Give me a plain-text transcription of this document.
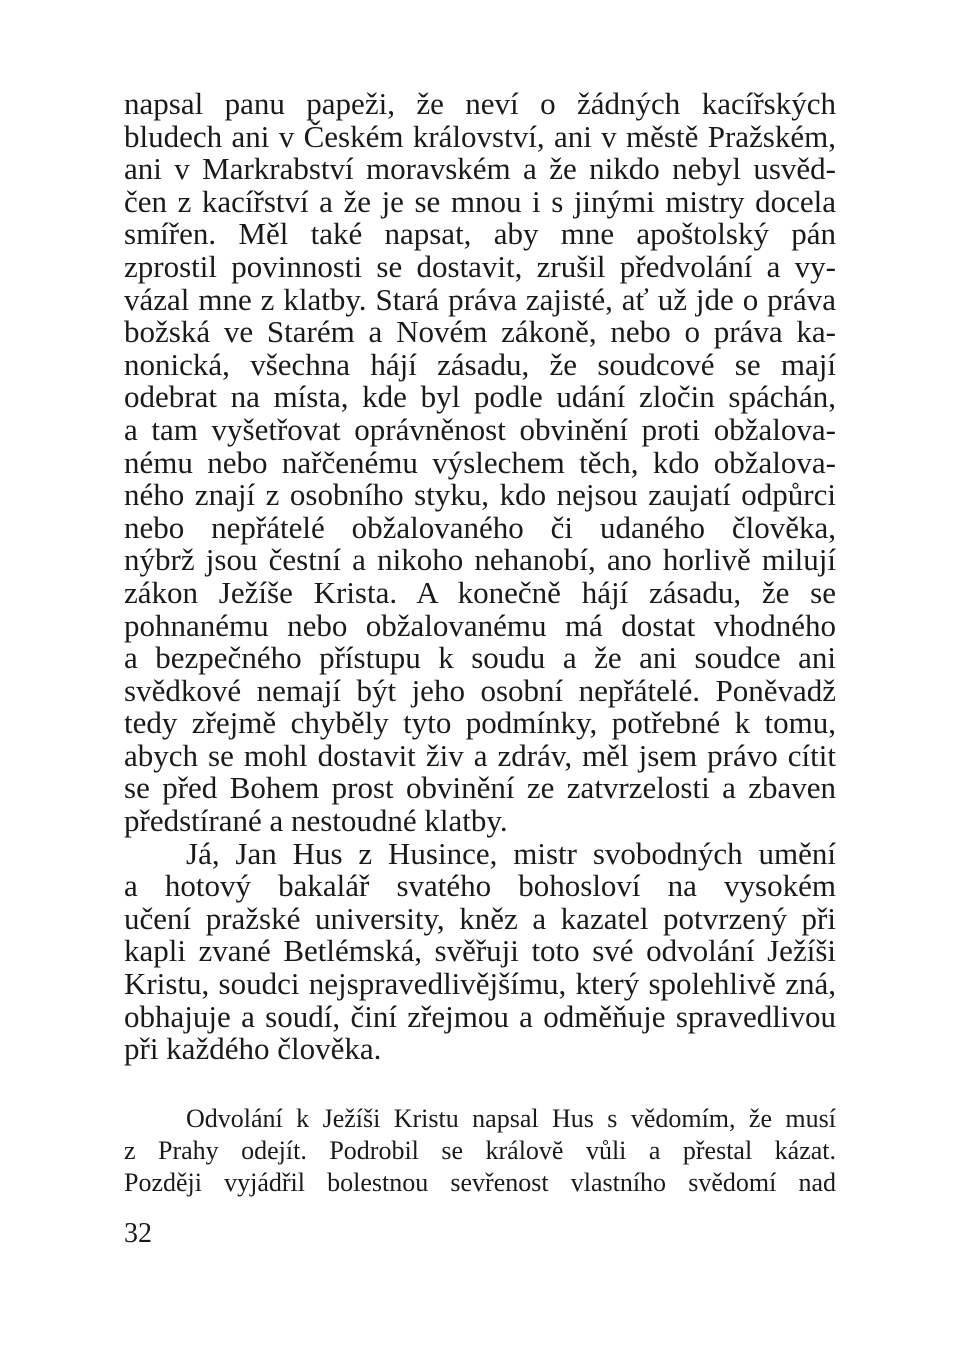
napsal panu papeži, že neví o žádných kacířských
bludech ani v Českém království, ani v městě Pražském,
ani v Markrabství moravském a že nikdo nebyl usvěd-
čen z kacířství a že je se mnou i s jinými mistry docela
smířen. Měl také napsat, aby mne apoštolský pán
zprostil povinnosti se dostavit, zrušil předvolání a vy-
vázal mne z klatby. Stará práva zajisté, ať už jde o práva
božská ve Starém a Novém zákoně, nebo o práva ka-
nonická, všechna hájí zásadu, že soudcové se mají
odebrat na místa, kde byl podle udání zločin spáchán,
a tam vyšetřovat oprávněnost obvinění proti obžalova-
nému nebo nařčenému výslechem těch, kdo obžalova-
ného znají z osobního styku, kdo nejsou zaujatí odpůrci
nebo nepřátelé obžalovaného či udaného člověka,
nýbrž jsou čestní a nikoho nehanobí, ano horlivě milují
zákon Ježíše Krista. A konečně hájí zásadu, že se
pohnanému nebo obžalovanému má dostat vhodného
a bezpečného přístupu k soudu a že ani soudce ani
svědkové nemají být jeho osobní nepřátelé. Poněvadž
tedy zřejmě chyběly tyto podmínky, potřebné k tomu,
abych se mohl dostavit živ a zdráv, měl jsem právo cítit
se před Bohem prost obvinění ze zatvrzelosti a zbaven
předstírané a nestoudné klatby.
Já, Jan Hus z Husince, mistr svobodných umění
a hotový bakalář svatého bohosloví na vysokém
učení pražské university, kněz a kazatel potvrzený při
kapli zvané Betlémská, svěřuji toto své odvolání Ježíši
Kristu, soudci nejspravedlivějšímu, který spolehlivě zná,
obhajuje a soudí, činí zřejmou a odměňuje spravedlivou
při každého člověka.
Odvolání k Ježíši Kristu napsal Hus s vědomím, že musí
z Prahy odejít. Podrobil se královĕ vůli a přestal kázat.
Později vyjádřil bolestnou sevřenost vlastního svědomí nad
32
